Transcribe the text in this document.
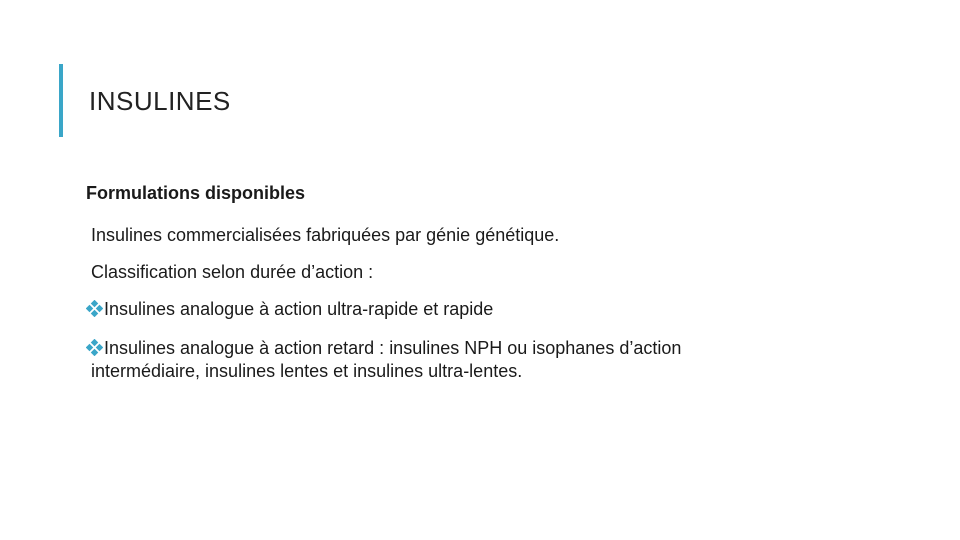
INSULINES
Formulations disponibles
Insulines commercialisées fabriquées par génie génétique.
Classification selon durée d’action :
Insulines analogue à action ultra-rapide et rapide
Insulines analogue à action retard : insulines NPH ou isophanes d’action
intermédiaire, insulines lentes et insulines ultra-lentes.
